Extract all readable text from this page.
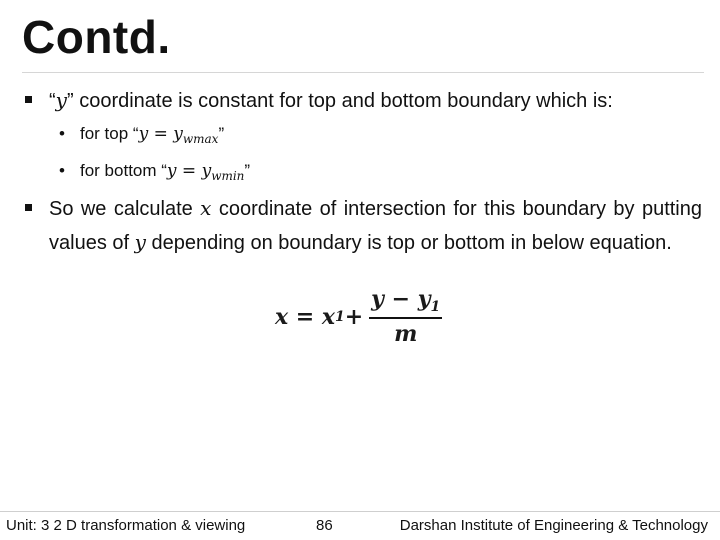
Contd.
“y” coordinate is constant for top and bottom boundary which is:
• for top “$y = y_{wmax}$”
• for bottom “$y = y_{wmin}$”
So we calculate x coordinate of intersection for this boundary by putting values of y depending on boundary is top or bottom in below equation.
x = x $1 + \frac{y - y_1}{m}$
Unit: 3 2 D transformation & viewing	86	Darshan Institute of Engineering & Technology
